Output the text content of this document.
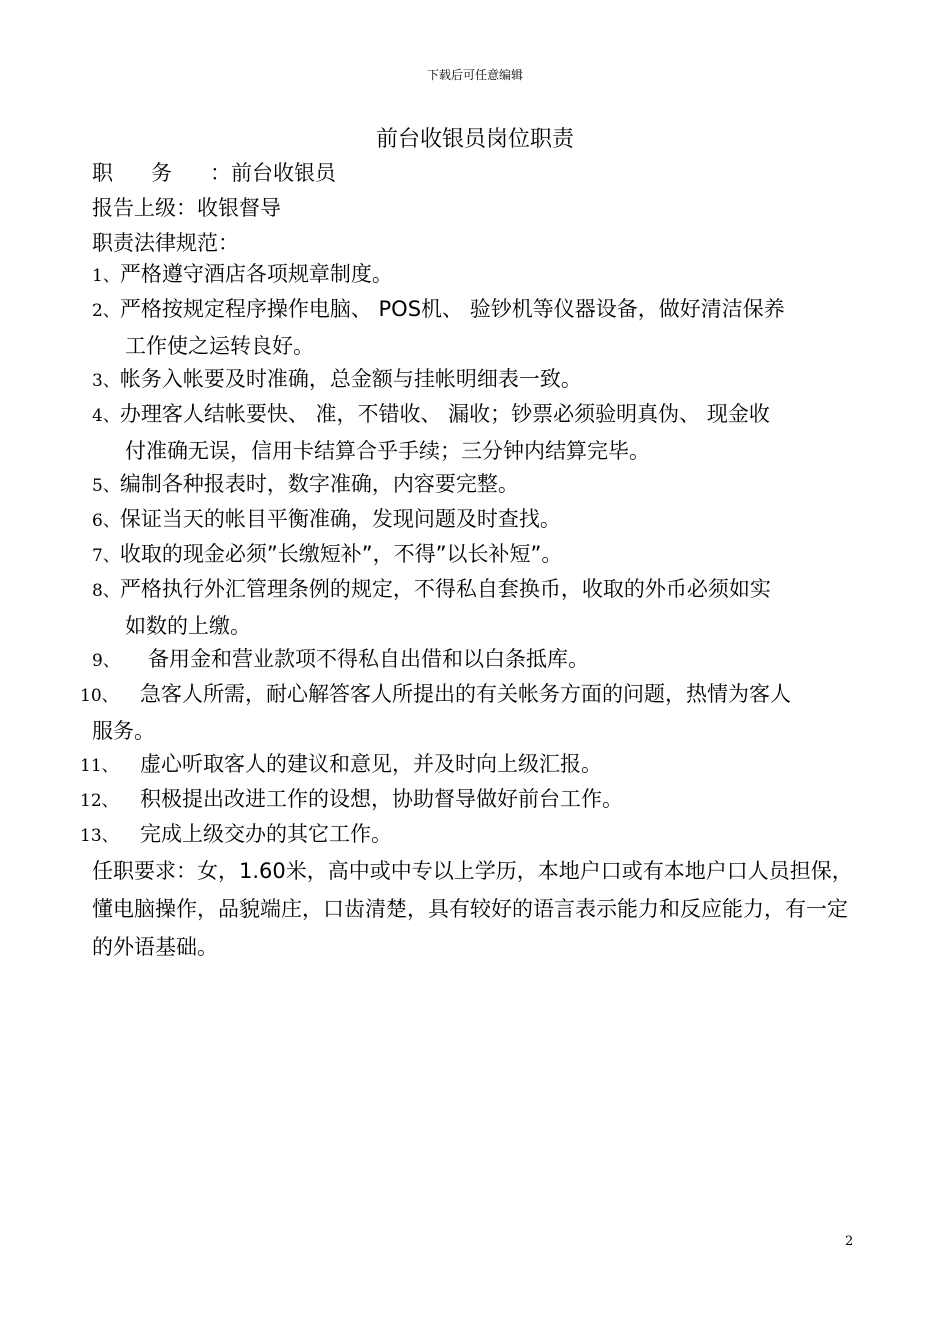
下载后可任意编辑
前台收银员岗位职责
职务：前台收银员
报告上级：收银督导
职责法律规范：
1、严格遵守酒店各项规章制度。
2、严格按规定程序操作电脑、 POS机、 验钞机等仪器设备，做好清洁保养
工作使之运转良好。
3、帐务入帐要及时准确，总金额与挂帐明细表一致。
4、办理客人结帐要快、 准，不错收、 漏收；钞票必须验明真伪、 现金收
付准确无误，信用卡结算合乎手续；三分钟内结算完毕。
5、编制各种报表时，数字准确，内容要完整。
6、保证当天的帐目平衡准确，发现问题及时查找。
7、收取的现金必须”长缴短补”，不得”以长补短”。
8、严格执行外汇管理条例的规定，不得私自套换币，收取的外币必须如实
如数的上缴。
9、 备用金和营业款项不得私自出借和以白条抵库。
10、 急客人所需，耐心解答客人所提出的有关帐务方面的问题，热情为客人
服务。
11、 虚心听取客人的建议和意见，并及时向上级汇报。
12、 积极提出改进工作的设想，协助督导做好前台工作。
13、 完成上级交办的其它工作。
任职要求：女，1.60米，高中或中专以上学历，本地户口或有本地户口人员担保，懂电脑操作，品貌端庄，口齿清楚，具有较好的语言表示能力和反应能力，有一定的外语基础。
2
